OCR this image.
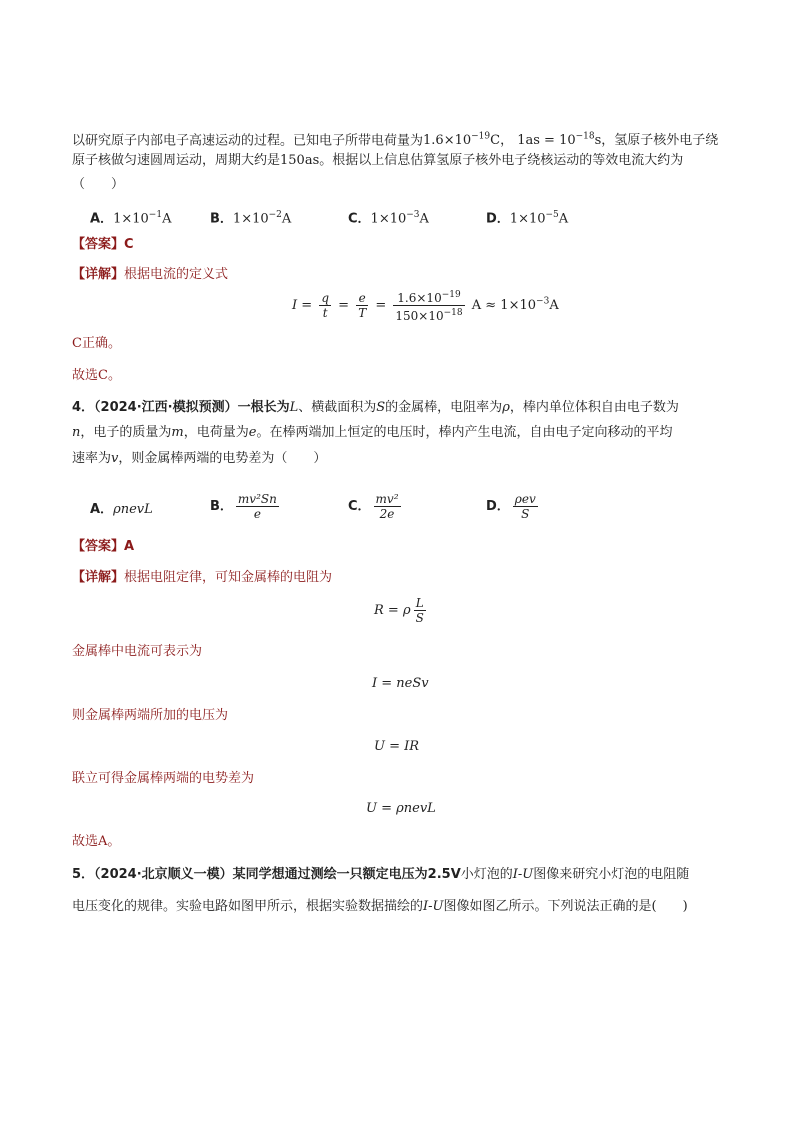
以研究原子内部电子高速运动的过程。已知电子所带电荷量为$1.6\times 10^{-19}C$， $1as = 10^{-18}s$，氢原子核外电子绕
原子核做匀速圆周运动，周期大约是150as。根据以上信息估算氢原子核外电子绕核运动的等效电流大约为
（　　）
A．$1\times 10^{-1}A$	B．$1\times 10^{-2}A$	C．$1\times 10^{-3}A$	D．$1\times 10^{-5}A$
【答案】C
【详解】根据电流的定义式
$I = \frac{q}{t} = \frac{e}{T} = \frac{1.6\times 10^{-19}}{150\times 10^{-18}}$ $A \approx 1\times 10^{-3}A$
C正确。
故选C。
4．（2024·江西·模拟预测）一根长为L、横截面积为S的金属棒，电阻率为ρ，棒内单位体积自由电子数为
n，电子的质量为m，电荷量为e。在棒两端加上恒定的电压时，棒内产生电流，自由电子定向移动的平均
速率为v，则金属棒两端的电势差为（　　）
A．ρnevL	B． $\frac{\text{mv²Sn}}{e}$	C． $\frac{\text{mv²}}{2e}$	D． $\frac{\text{ρev}}{S}$
【答案】A
【详解】根据电阻定律，可知金属棒的电阻为
R = ρ $\frac{L}{S}$
金属棒中电流可表示为
I = neSv
则金属棒两端所加的电压为
U = IR
联立可得金属棒两端的电势差为
U = ρnevL
故选A。
5．（2024·北京顺义一模）某同学想通过测绘一只额定电压为2.5V小灯泡的I-U图像来研究小灯泡的电阻随
电压变化的规律。实验电路如图甲所示，根据实验数据描绘的I-U图像如图乙所示。下列说法正确的是(　　)
